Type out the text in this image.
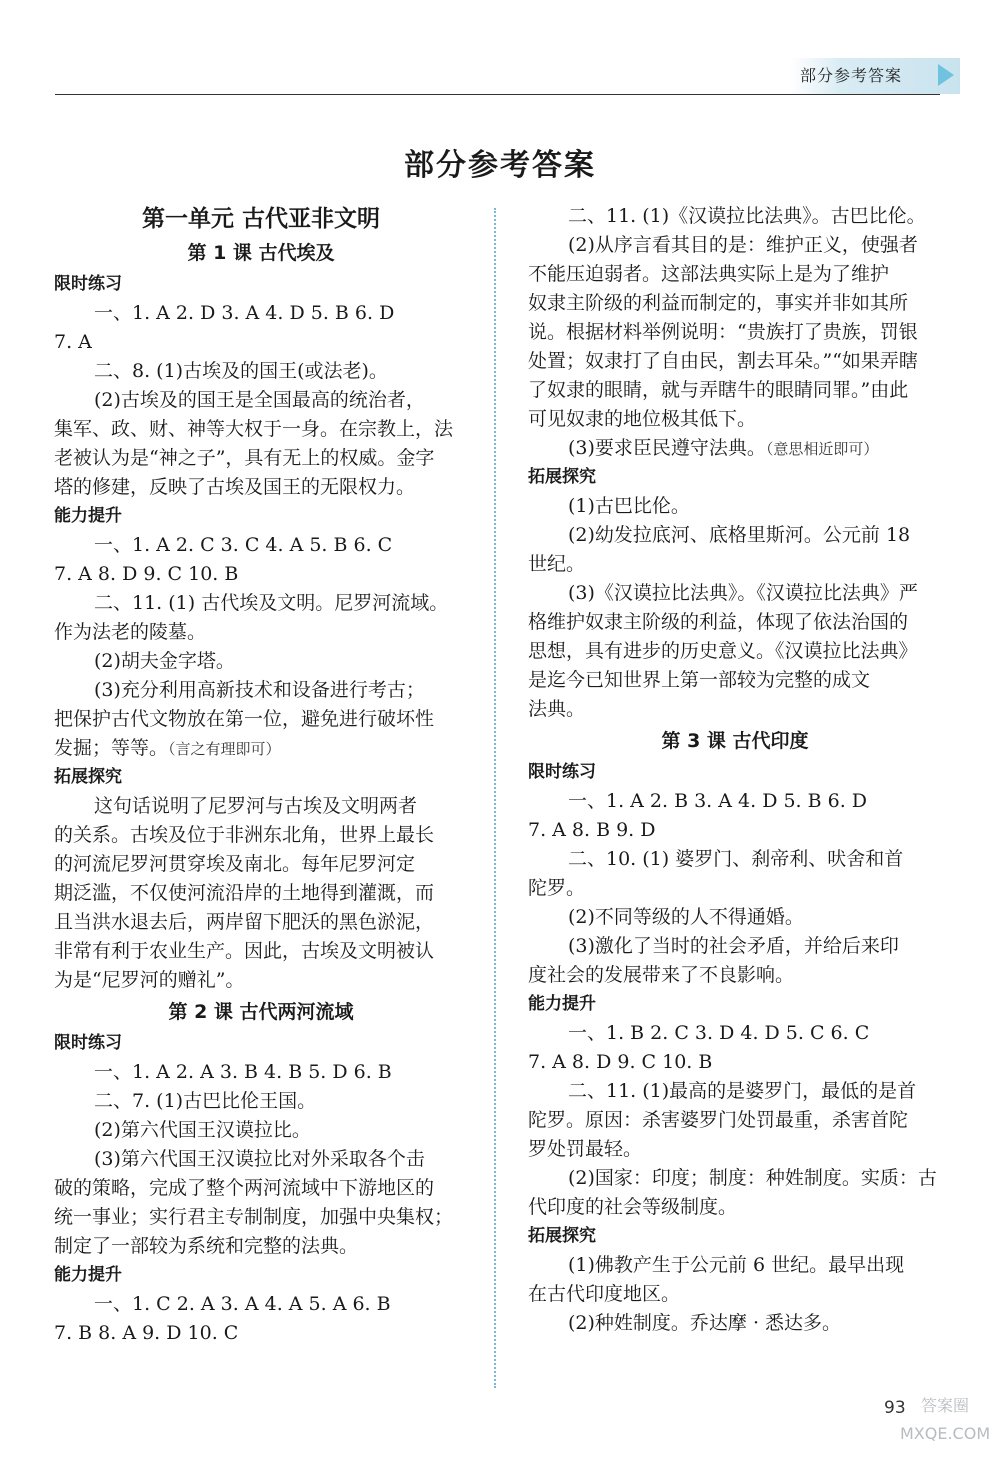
部分参考答案
部分参考答案
第一单元 古代亚非文明
第 1 课 古代埃及
限时练习
一、1. A 2. D 3. A 4. D 5. B 6. D
7. A
二、8. (1)古埃及的国王(或法老)。
(2)古埃及的国王是全国最高的统治者，
集军、政、财、神等大权于一身。在宗教上，法
老被认为是“神之子”，具有无上的权威。金字
塔的修建，反映了古埃及国王的无限权力。
能力提升
一、1. A 2. C 3. C 4. A 5. B 6. C
7. A 8. D 9. C 10. B
二、11. (1) 古代埃及文明。尼罗河流域。
作为法老的陵墓。
(2)胡夫金字塔。
(3)充分利用高新技术和设备进行考古；
把保护古代文物放在第一位，避免进行破坏性
发掘；等等。（言之有理即可）
拓展探究
这句话说明了尼罗河与古埃及文明两者
的关系。古埃及位于非洲东北角，世界上最长
的河流尼罗河贯穿埃及南北。每年尼罗河定
期泛滥，不仅使河流沿岸的土地得到灌溉，而
且当洪水退去后，两岸留下肥沃的黑色淤泥，
非常有利于农业生产。因此，古埃及文明被认
为是“尼罗河的赠礼”。
第 2 课 古代两河流域
限时练习
一、1. A 2. A 3. B 4. B 5. D 6. B
二、7. (1)古巴比伦王国。
(2)第六代国王汉谟拉比。
(3)第六代国王汉谟拉比对外采取各个击
破的策略，完成了整个两河流域中下游地区的
统一事业；实行君主专制制度，加强中央集权；
制定了一部较为系统和完整的法典。
能力提升
一、1. C 2. A 3. A 4. A 5. A 6. B
7. B 8. A 9. D 10. C
二、11. (1)《汉谟拉比法典》。古巴比伦。
(2)从序言看其目的是：维护正义，使强者
不能压迫弱者。这部法典实际上是为了维护
奴隶主阶级的利益而制定的，事实并非如其所
说。根据材料举例说明：“贵族打了贵族，罚银
处置；奴隶打了自由民，割去耳朵。”“如果弄瞎
了奴隶的眼睛，就与弄瞎牛的眼睛同罪。”由此
可见奴隶的地位极其低下。
(3)要求臣民遵守法典。（意思相近即可）
拓展探究
(1)古巴比伦。
(2)幼发拉底河、底格里斯河。公元前 18
世纪。
(3)《汉谟拉比法典》。《汉谟拉比法典》严
格维护奴隶主阶级的利益，体现了依法治国的
思想，具有进步的历史意义。《汉谟拉比法典》
是迄今已知世界上第一部较为完整的成文
法典。
第 3 课 古代印度
限时练习
一、1. A 2. B 3. A 4. D 5. B 6. D
7. A 8. B 9. D
二、10. (1) 婆罗门、刹帝利、吠舍和首
陀罗。
(2)不同等级的人不得通婚。
(3)激化了当时的社会矛盾，并给后来印
度社会的发展带来了不良影响。
能力提升
一、1. B 2. C 3. D 4. D 5. C 6. C
7. A 8. D 9. C 10. B
二、11. (1)最高的是婆罗门，最低的是首
陀罗。原因：杀害婆罗门处罚最重，杀害首陀
罗处罚最轻。
(2)国家：印度；制度：种姓制度。实质：古
代印度的社会等级制度。
拓展探究
(1)佛教产生于公元前 6 世纪。最早出现
在古代印度地区。
(2)种姓制度。乔达摩 · 悉达多。
93 答案圈
MXQE.COM
